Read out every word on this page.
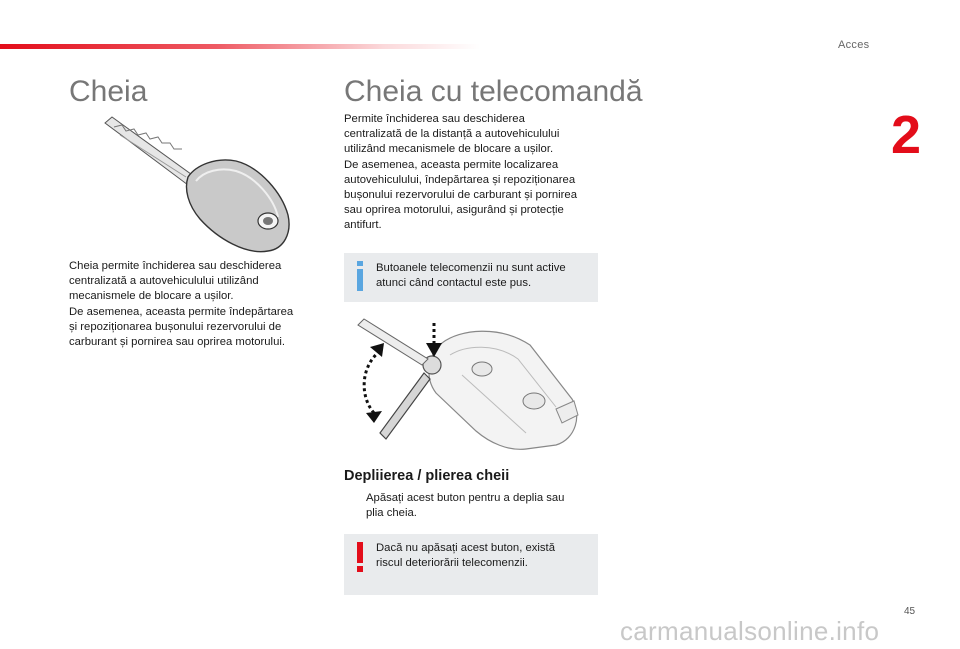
Acces
2
Cheia

Cheia permite închiderea sau deschiderea
centralizată a autovehiculului utilizând
mecanismele de blocare a ușilor.
De asemenea, aceasta permite îndepărtarea
și repoziționarea bușonului rezervorului de
carburant și pornirea sau oprirea motorului.

Cheia cu telecomandă

Permite închiderea sau deschiderea
centralizată de la distanță a autovehiculului
utilizând mecanismele de blocare a ușilor.
De asemenea, aceasta permite localizarea
autovehiculului, îndepărtarea și repoziționarea
bușonului rezervorului de carburant și pornirea
sau oprirea motorului, asigurând și protecție
antifurt.

Butoanele telecomenzii nu sunt active
atunci când contactul este pus.
Depliierea / plierea cheii
Apăsați acest buton pentru a deplia sau
plia cheia.
Dacă nu apăsați acest buton, există
riscul deteriorării telecomenzii.
45
carmanualsonline.info
